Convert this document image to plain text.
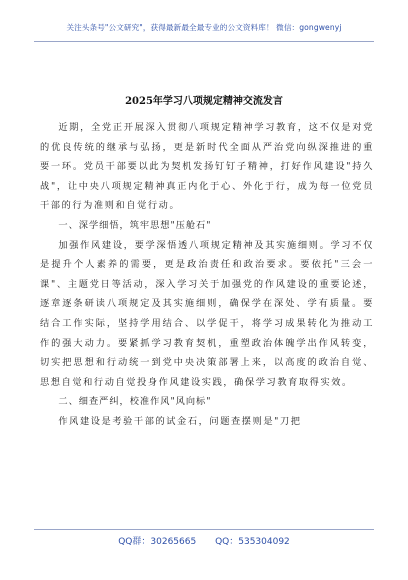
关注头条号"公文研究"，获得最新最全最专业的公文资料库！ 微信：gongwenyj
2025年学习八项规定精神交流发言

近期，全党正开展深入贯彻八项规定精神学习教育，这不仅是对党的优良传统的继承与弘扬，更是新时代全面从严治党向纵深推进的重要一环。党员干部要以此为契机发扬钉钉子精神，打好作风建设"持久战"，让中央八项规定精神真正内化于心、外化于行，成为每一位党员干部的行为准则和自觉行动。

一、深学细悟，筑牢思想"压舱石"

加强作风建设，要学深悟透八项规定精神及其实施细则。学习不仅是提升个人素养的需要，更是政治责任和政治要求。要依托"三会一课"、主题党日等活动，深入学习关于加强党的作风建设的重要论述，逐章逐条研读八项规定及其实施细则，确保学在深处、学有质量。要结合工作实际，坚持学用结合、以学促干，将学习成果转化为推动工作的强大动力。要紧抓学习教育契机，重塑政治体魄学出作风转变，切实把思想和行动统一到党中央决策部署上来，以高度的政治自觉、思想自觉和行动自觉投身作风建设实践，确保学习教育取得实效。

二、细查严纠，校准作风"风向标"

作风建设是考验干部的试金石，问题查摆则是"刀把

QQ群：30265665 QQ：535304092
